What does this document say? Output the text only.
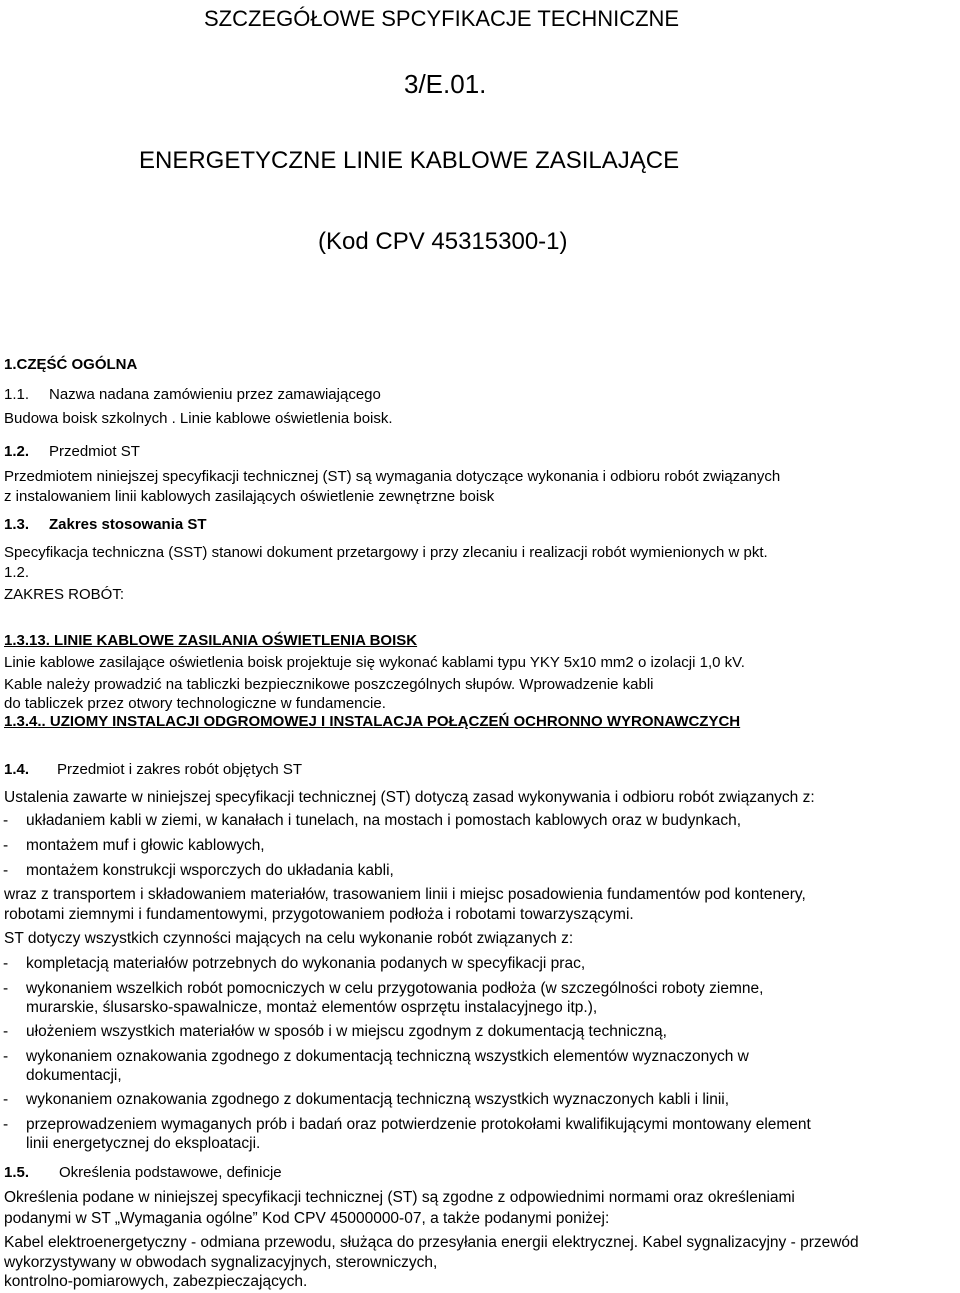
SZCZEGÓŁOWE SPCYFIKACJE TECHNICZNE
3/E.01.
ENERGETYCZNE LINIE KABLOWE ZASILAJĄCE
(Kod CPV 45315300-1)
1.CZĘŚĆ OGÓLNA
1.1. Nazwa nadana zamówieniu przez zamawiającego
Budowa boisk szkolnych . Linie kablowe oświetlenia boisk.
1.2. Przedmiot ST
Przedmiotem niniejszej specyfikacji technicznej (ST) są wymagania dotyczące wykonania i odbioru robót związanych
z instalowaniem linii kablowych zasilających oświetlenie zewnętrzne boisk
1.3. Zakres stosowania ST
Specyfikacja techniczna (SST) stanowi dokument przetargowy i przy zlecaniu i realizacji robót wymienionych w pkt.
1.2.
ZAKRES ROBÓT:
1.3.13. LINIE KABLOWE ZASILANIA OŚWIETLENIA BOISK
Linie kablowe zasilające oświetlenia boisk projektuje się wykonać kablami typu YKY 5x10 mm2 o izolacji 1,0 kV.
Kable należy prowadzić na tabliczki bezpiecznikowe poszczególnych słupów. Wprowadzenie kabli
do tabliczek przez otwory technologiczne w fundamencie.
1.3.4.. UZIOMY INSTALACJI ODGROMOWEJ I INSTALACJA POŁĄCZEŃ OCHRONNO WYRONAWCZYCH
1.4. Przedmiot i zakres robót objętych ST
Ustalenia zawarte w niniejszej specyfikacji technicznej (ST) dotyczą zasad wykonywania i odbioru robót związanych z:
- układaniem kabli w ziemi, w kanałach i tunelach, na mostach i pomostach kablowych oraz w budynkach,
- montażem muf i głowic kablowych,
- montażem konstrukcji wsporczych do układania kabli,
wraz z transportem i składowaniem materiałów, trasowaniem linii i miejsc posadowienia fundamentów pod kontenery,
robotami ziemnymi i fundamentowymi, przygotowaniem podłoża i robotami towarzyszącymi.
ST dotyczy wszystkich czynności mających na celu wykonanie robót związanych z:
- kompletacją materiałów potrzebnych do wykonania podanych w specyfikacji prac,
- wykonaniem wszelkich robót pomocniczych w celu przygotowania podłoża (w szczególności roboty ziemne,
murarskie, ślusarsko-spawalnicze, montaż elementów osprzętu instalacyjnego itp.),
- ułożeniem wszystkich materiałów w sposób i w miejscu zgodnym z dokumentacją techniczną,
- wykonaniem oznakowania zgodnego z dokumentacją techniczną wszystkich elementów wyznaczonych w
dokumentacji,
- wykonaniem oznakowania zgodnego z dokumentacją techniczną wszystkich wyznaczonych kabli i linii,
- przeprowadzeniem wymaganych prób i badań oraz potwierdzenie protokołami kwalifikującymi montowany element
linii energetycznej do eksploatacji.
1.5. Określenia podstawowe, definicje
Określenia podane w niniejszej specyfikacji technicznej (ST) są zgodne z odpowiednimi normami oraz określeniami
podanymi w ST „Wymagania ogólne” Kod CPV 45000000-07, a także podanymi poniżej:
Kabel elektroenergetyczny - odmiana przewodu, służąca do przesyłania energii elektrycznej. Kabel sygnalizacyjny - przewód
wykorzystywany w obwodach sygnalizacyjnych, sterowniczych,
kontrolno-pomiarowych, zabezpieczających.
